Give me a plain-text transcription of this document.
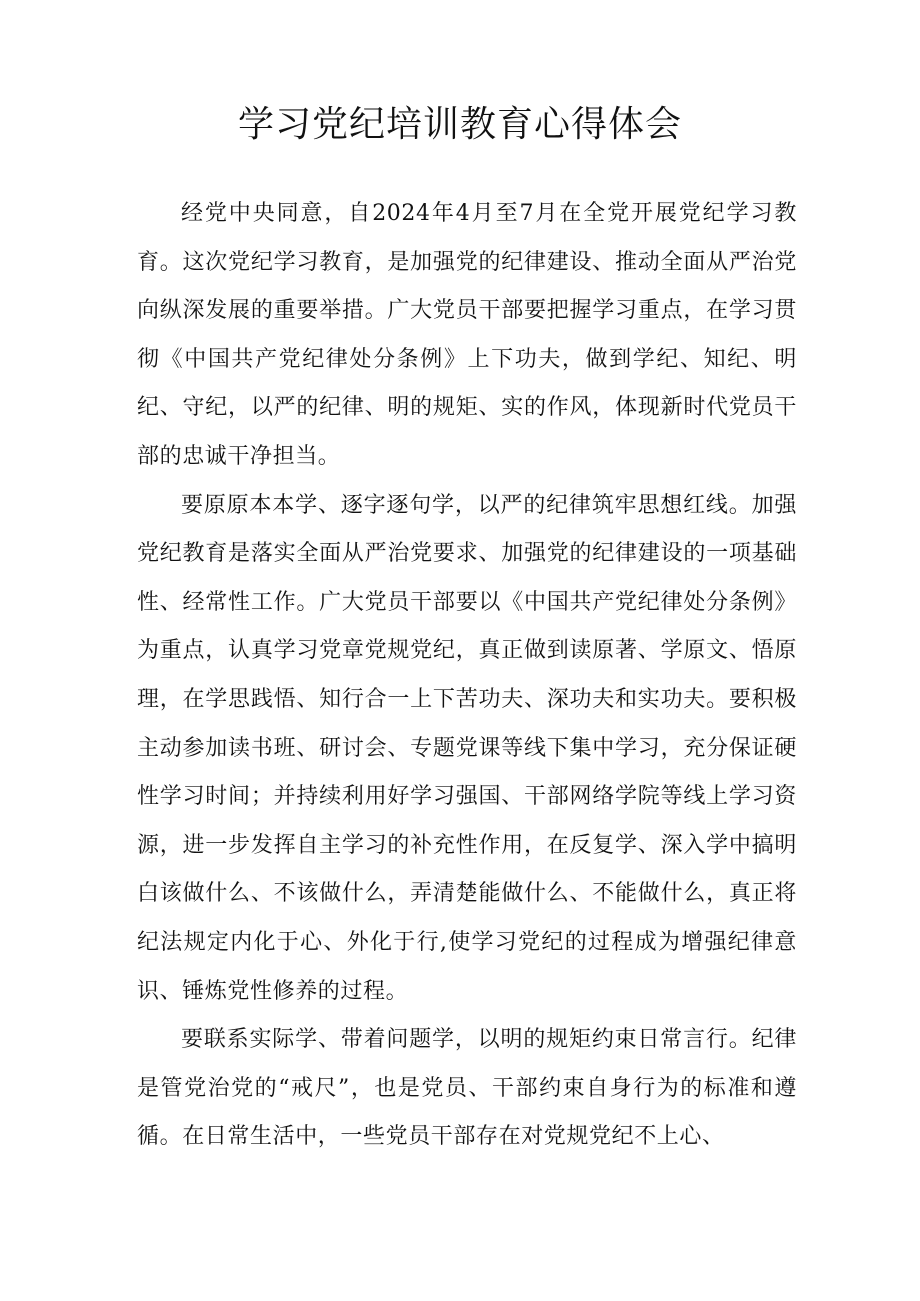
学习党纪培训教育心得体会

经党中央同意，自2024年4月至7月在全党开展党纪学习教育。这次党纪学习教育，是加强党的纪律建设、推动全面从严治党向纵深发展的重要举措。广大党员干部要把握学习重点，在学习贯彻《中国共产党纪律处分条例》上下功夫，做到学纪、知纪、明纪、守纪，以严的纪律、明的规矩、实的作风，体现新时代党员干部的忠诚干净担当。

要原原本本学、逐字逐句学，以严的纪律筑牢思想红线。加强党纪教育是落实全面从严治党要求、加强党的纪律建设的一项基础性、经常性工作。广大党员干部要以《中国共产党纪律处分条例》为重点，认真学习党章党规党纪，真正做到读原著、学原文、悟原理，在学思践悟、知行合一上下苦功夫、深功夫和实功夫。要积极主动参加读书班、研讨会、专题党课等线下集中学习，充分保证硬性学习时间；并持续利用好学习强国、干部网络学院等线上学习资源，进一步发挥自主学习的补充性作用，在反复学、深入学中搞明白该做什么、不该做什么，弄清楚能做什么、不能做什么，真正将纪法规定内化于心、外化于行,使学习党纪的过程成为增强纪律意识、锤炼党性修养的过程。

要联系实际学、带着问题学，以明的规矩约束日常言行。纪律是管党治党的“戒尺”，也是党员、干部约束自身行为的标准和遵循。在日常生活中，一些党员干部存在对党规党纪不上心、
